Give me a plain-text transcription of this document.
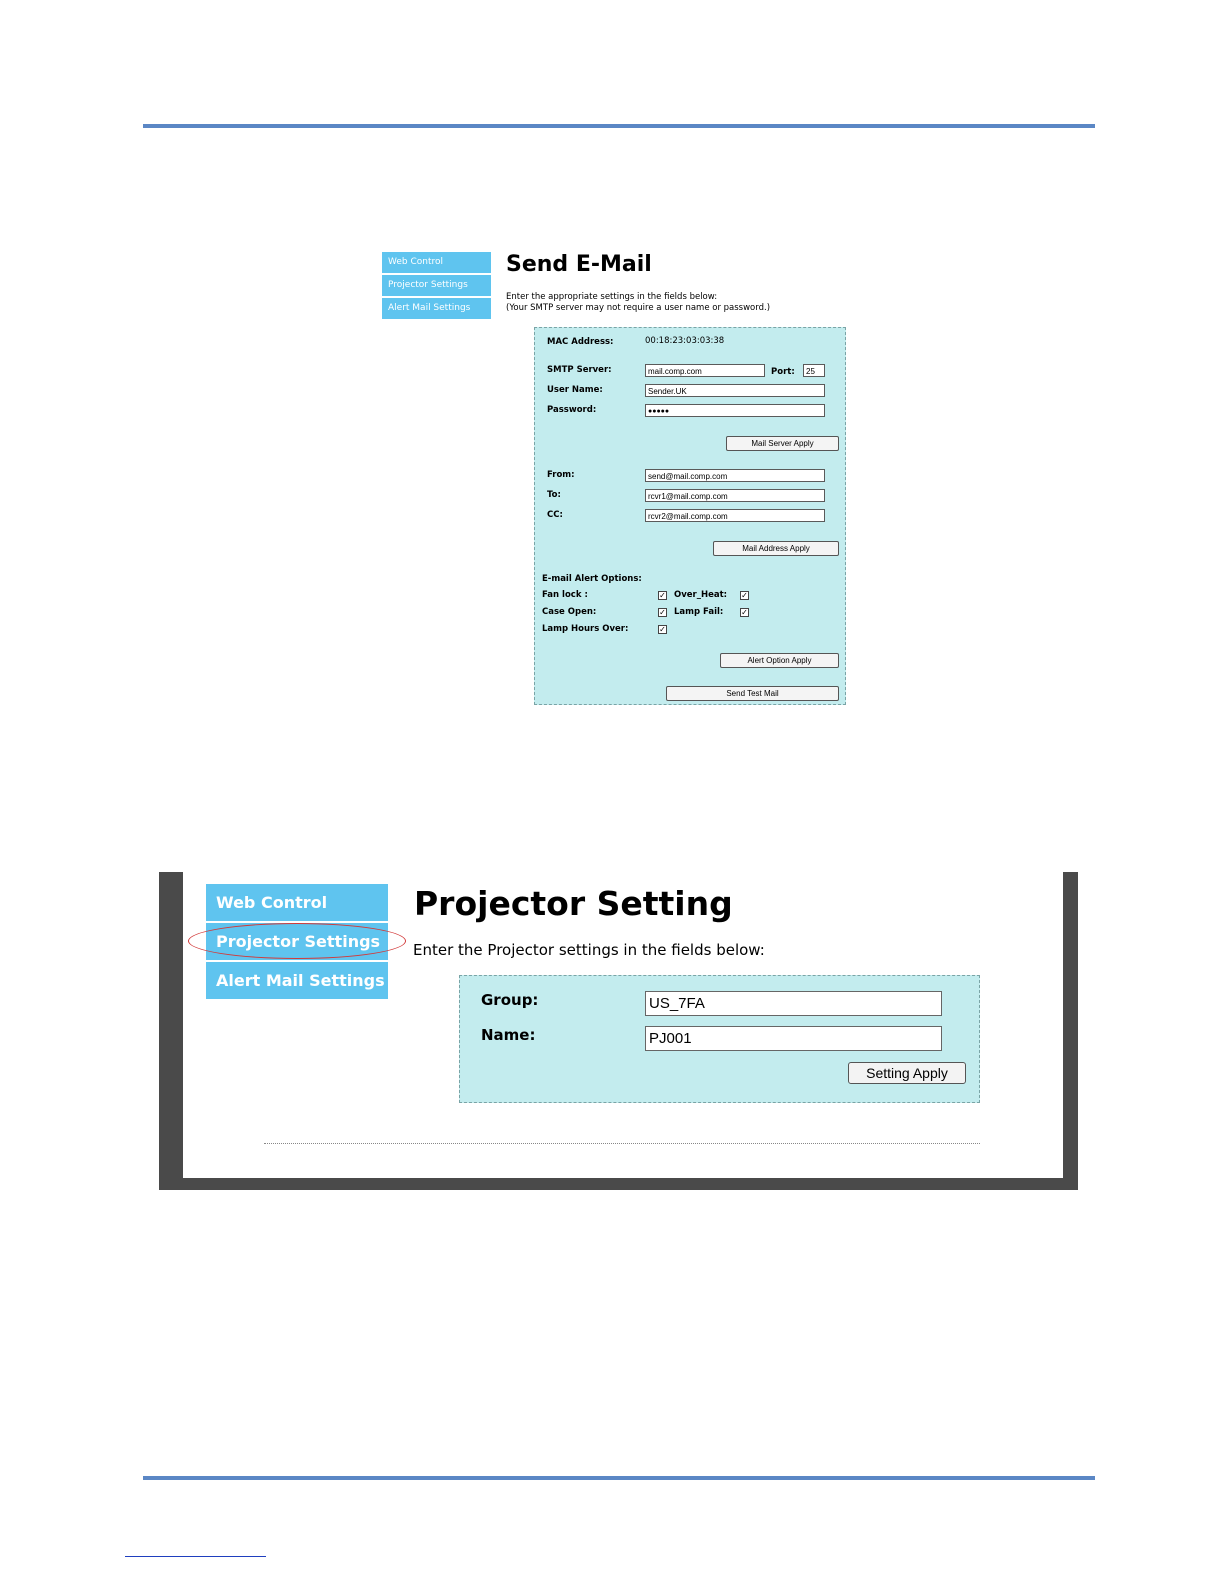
Web Control
Projector Settings
Alert Mail Settings
Send E-Mail
Enter the appropriate settings in the fields below:
(Your SMTP server may not require a user name or password.)
MAC Address:	00:18:23:03:03:38
SMTP Server:	mail.comp.com	Port:	25
User Name:	Sender.UK
Password:	●●●●●
Mail Server Apply
From:	send@mail.comp.com
To:	rcvr1@mail.comp.com
CC:	rcvr2@mail.comp.com
Mail Address Apply
E-mail Alert Options:
Fan lock :	✓ Over_Heat: ✓
Case Open:	✓ Lamp Fail: ✓
Lamp Hours Over:	✓
Alert Option Apply
Send Test Mail
Web Control
Projector Settings
Alert Mail Settings
Projector Setting
Enter the Projector settings in the fields below:
Group:	US_7FA
Name:	PJ001
Setting Apply
